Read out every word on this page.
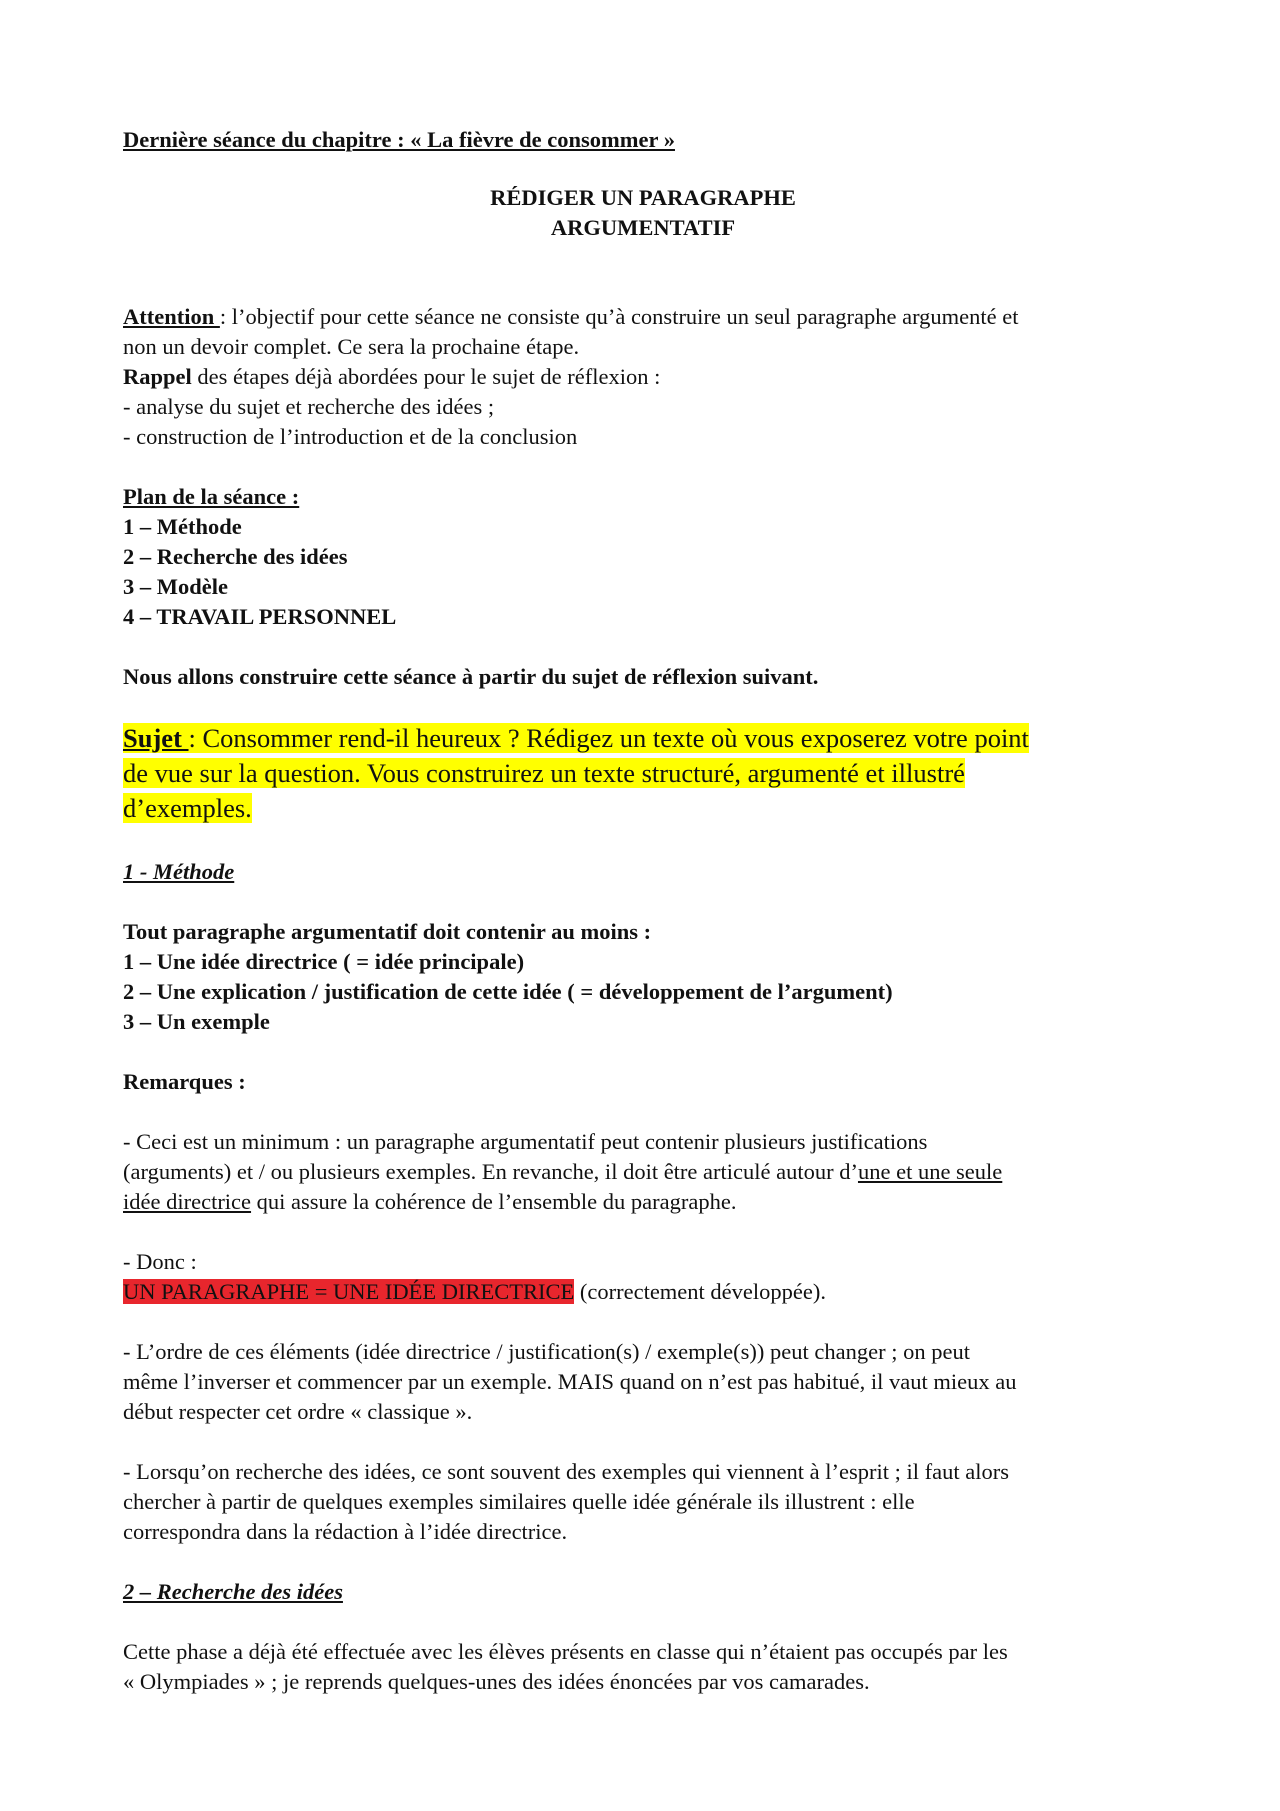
Dernière séance du chapitre : « La fièvre de consommer »
RÉDIGER UN PARAGRAPHE
ARGUMENTATIF
Attention : l’objectif pour cette séance ne consiste qu’à construire un seul paragraphe argumenté et
non un devoir complet. Ce sera la prochaine étape.
Rappel des étapes déjà abordées pour le sujet de réflexion :
- analyse du sujet et recherche des idées ;
- construction de l’introduction et de la conclusion
Plan de la séance :
1 – Méthode
2 – Recherche des idées
3 – Modèle
4 – TRAVAIL PERSONNEL
Nous allons construire cette séance à partir du sujet de réflexion suivant.
Sujet : Consommer rend-il heureux ? Rédigez un texte où vous exposerez votre point
de vue sur la question. Vous construirez un texte structuré, argumenté et illustré
d’exemples.
1 - Méthode
Tout paragraphe argumentatif doit contenir au moins :
1 – Une idée directrice ( = idée principale)
2 – Une explication / justification de cette idée ( = développement de l’argument)
3 – Un exemple
Remarques :
- Ceci est un minimum : un paragraphe argumentatif peut contenir plusieurs justifications
(arguments) et / ou plusieurs exemples. En revanche, il doit être articulé autour d’une et une seule
idée directrice qui assure la cohérence de l’ensemble du paragraphe.
- Donc :
UN PARAGRAPHE = UNE IDÉE DIRECTRICE (correctement développée).
- L’ordre de ces éléments (idée directrice / justification(s) / exemple(s)) peut changer ; on peut
même l’inverser et commencer par un exemple. MAIS quand on n’est pas habitué, il vaut mieux au
début respecter cet ordre « classique ».
- Lorsqu’on recherche des idées, ce sont souvent des exemples qui viennent à l’esprit ; il faut alors
chercher à partir de quelques exemples similaires quelle idée générale ils illustrent : elle
correspondra dans la rédaction à l’idée directrice.
2 – Recherche des idées
Cette phase a déjà été effectuée avec les élèves présents en classe qui n’étaient pas occupés par les
« Olympiades » ; je reprends quelques-unes des idées énoncées par vos camarades.
